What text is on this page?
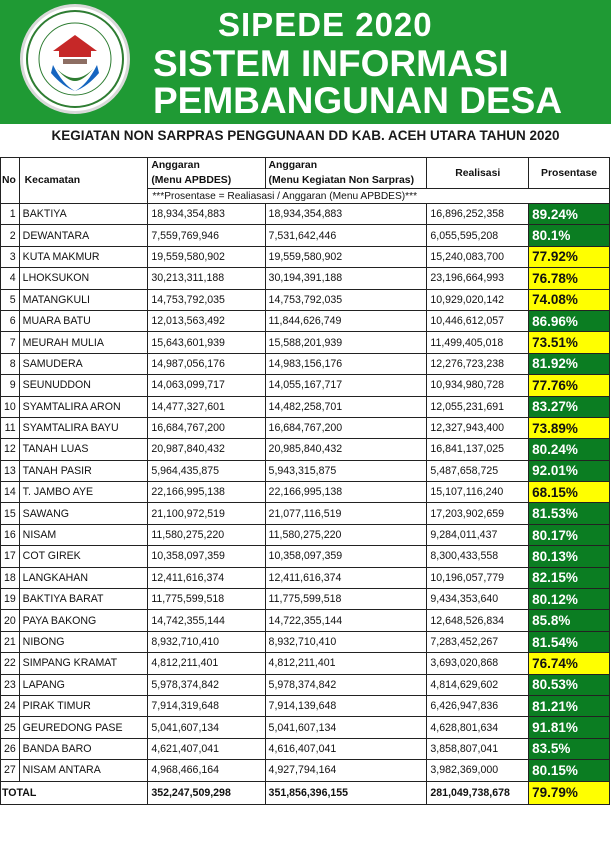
SIPEDE 2020
SISTEM INFORMASI
PEMBANGUNAN DESA
KEGIATAN NON SARPRAS PENGGUNAAN DD KAB. ACEH UTARA TAHUN 2020
No	Kecamatan	Anggaran	Anggaran	Realisasi	Prosentase
		(Menu APBDES)	(Menu Kegiatan Non Sarpras)		
		***Prosentase = Realiasasi / Anggaran (Menu APBDES)***			
1	BAKTIYA	18,934,354,883	18,934,354,883	16,896,252,358	89.24%
2	DEWANTARA	7,559,769,946	7,531,642,446	6,055,595,208	80.1%
3	KUTA MAKMUR	19,559,580,902	19,559,580,902	15,240,083,700	77.92%
4	LHOKSUKON	30,213,311,188	30,194,391,188	23,196,664,993	76.78%
5	MATANGKULI	14,753,792,035	14,753,792,035	10,929,020,142	74.08%
6	MUARA BATU	12,013,563,492	11,844,626,749	10,446,612,057	86.96%
7	MEURAH MULIA	15,643,601,939	15,588,201,939	11,499,405,018	73.51%
8	SAMUDERA	14,987,056,176	14,983,156,176	12,276,723,238	81.92%
9	SEUNUDDON	14,063,099,717	14,055,167,717	10,934,980,728	77.76%
10	SYAMTALIRA ARON	14,477,327,601	14,482,258,701	12,055,231,691	83.27%
11	SYAMTALIRA BAYU	16,684,767,200	16,684,767,200	12,327,943,400	73.89%
12	TANAH LUAS	20,987,840,432	20,985,840,432	16,841,137,025	80.24%
13	TANAH PASIR	5,964,435,875	5,943,315,875	5,487,658,725	92.01%
14	T. JAMBO AYE	22,166,995,138	22,166,995,138	15,107,116,240	68.15%
15	SAWANG	21,100,972,519	21,077,116,519	17,203,902,659	81.53%
16	NISAM	11,580,275,220	11,580,275,220	9,284,011,437	80.17%
17	COT GIREK	10,358,097,359	10,358,097,359	8,300,433,558	80.13%
18	LANGKAHAN	12,411,616,374	12,411,616,374	10,196,057,779	82.15%
19	BAKTIYA BARAT	11,775,599,518	11,775,599,518	9,434,353,640	80.12%
20	PAYA BAKONG	14,742,355,144	14,722,355,144	12,648,526,834	85.8%
21	NIBONG	8,932,710,410	8,932,710,410	7,283,452,267	81.54%
22	SIMPANG KRAMAT	4,812,211,401	4,812,211,401	3,693,020,868	76.74%
23	LAPANG	5,978,374,842	5,978,374,842	4,814,629,602	80.53%
24	PIRAK TIMUR	7,914,319,648	7,914,139,648	6,426,947,836	81.21%
25	GEUREDONG PASE	5,041,607,134	5,041,607,134	4,628,801,634	91.81%
26	BANDA BARO	4,621,407,041	4,616,407,041	3,858,807,041	83.5%
27	NISAM ANTARA	4,968,466,164	4,927,794,164	3,982,369,000	80.15%
TOTAL		352,247,509,298	351,856,396,155	281,049,738,678	79.79%
